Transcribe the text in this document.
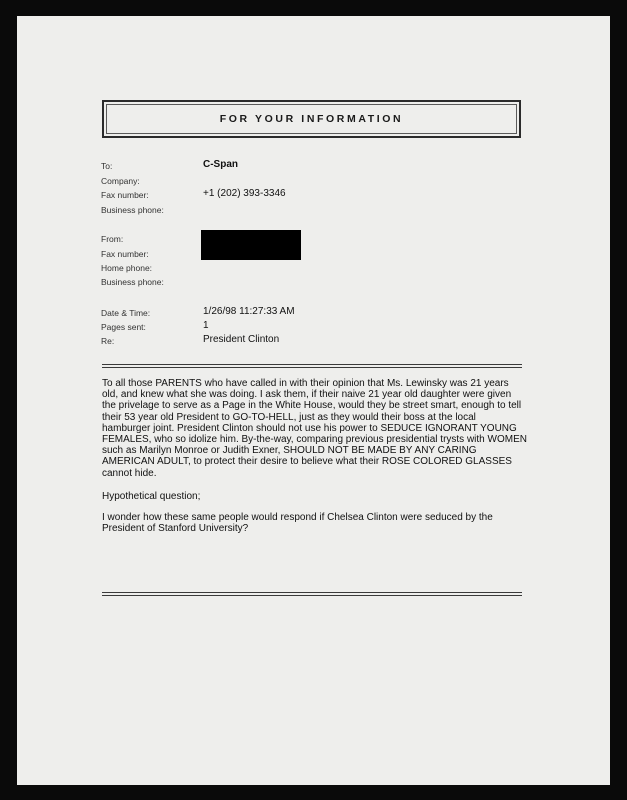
FOR YOUR INFORMATION
To:	C-Span
Company:
Fax number:	+1 (202) 393-3346
Business phone:
From:
Fax number:
Home phone:
Business phone:
Date & Time:	1/26/98 11:27:33 AM
Pages sent:	1
Re:	President Clinton

To all those PARENTS who have called in with their opinion that Ms. Lewinsky was 21 years old, and knew what she was doing. I ask them, if their naive 21 year old daughter were given the privelage to serve as a Page in the White House, would they be street smart, enough to tell their 53 year old President to GO-TO-HELL, just as they would their boss at the local hamburger joint. President Clinton should not use his power to SEDUCE IGNORANT YOUNG FEMALES, who so idolize him. By-the-way, comparing previous presidential trysts with WOMEN such as Marilyn Monroe or Judith Exner, SHOULD NOT BE MADE BY ANY CARING AMERICAN ADULT, to protect their desire to believe what their ROSE COLORED GLASSES cannot hide.

Hypothetical question;

I wonder how these same people would respond if Chelsea Clinton were seduced by the President of Stanford University?
